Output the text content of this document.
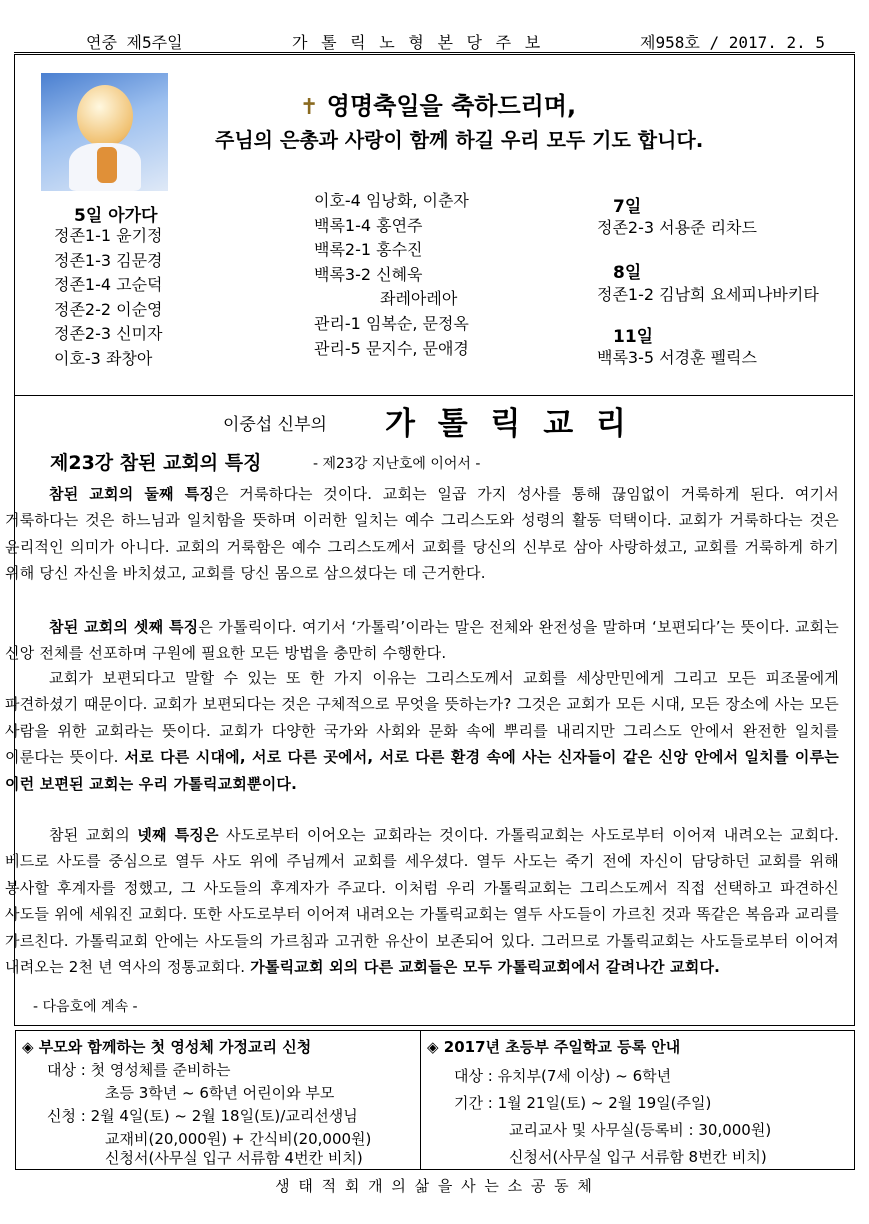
연중 제5주일	가 톨 릭 노 형 본 당 주 보	제958호 / 2017. 2. 5
✝ 영명축일을 축하드리며,
주님의 은총과 사랑이 함께 하길 우리 모두 기도 합니다.
5일 아가다
정존1-1 윤기정
정존1-3 김문경
정존1-4 고순덕
정존2-2 이순영
정존2-3 신미자
이호-3 좌창아
이호-4 임낭화, 이춘자
백록1-4 홍연주
백록2-1 홍수진
백록3-2 신혜욱
좌레아레아
관리-1 임복순, 문정옥
관리-5 문지수, 문애경
7일
정존2-3 서용준 리차드
8일
정존1-2 김남희 요세피나바키타
11일
백록3-5 서경훈 펠릭스
이중섭 신부의 가 톨 릭 교 리
제23강 참된 교회의 특징	- 제23강 지난호에 이어서 -
참된 교회의 둘째 특징은 거룩하다는 것이다. 교회는 일곱 가지 성사를 통해 끊임없이 거룩하게 된다. 여기서 거룩하다는 것은 하느님과 일치함을 뜻하며 이러한 일치는 예수 그리스도와 성령의 활동 덕택이다. 교회가 거룩하다는 것은 윤리적인 의미가 아니다. 교회의 거룩함은 예수 그리스도께서 교회를 당신의 신부로 삼아 사랑하셨고, 교회를 거룩하게 하기 위해 당신 자신을 바치셨고, 교회를 당신 몸으로 삼으셨다는 데 근거한다.
참된 교회의 셋째 특징은 가톨릭이다. 여기서 ‘가톨릭’이라는 말은 전체와 완전성을 말하며 ‘보편되다’는 뜻이다. 교회는 신앙 전체를 선포하며 구원에 필요한 모든 방법을 충만히 수행한다.
교회가 보편되다고 말할 수 있는 또 한 가지 이유는 그리스도께서 교회를 세상만민에게 그리고 모든 피조물에게 파견하셨기 때문이다. 교회가 보편되다는 것은 구체적으로 무엇을 뜻하는가? 그것은 교회가 모든 시대, 모든 장소에 사는 모든 사람을 위한 교회라는 뜻이다. 교회가 다양한 국가와 사회와 문화 속에 뿌리를 내리지만 그리스도 안에서 완전한 일치를 이룬다는 뜻이다. 서로 다른 시대에, 서로 다른 곳에서, 서로 다른 환경 속에 사는 신자들이 같은 신앙 안에서 일치를 이루는 이런 보편된 교회는 우리 가톨릭교회뿐이다.
참된 교회의 넷째 특징은 사도로부터 이어오는 교회라는 것이다. 가톨릭교회는 사도로부터 이어져 내려오는 교회다. 베드로 사도를 중심으로 열두 사도 위에 주님께서 교회를 세우셨다. 열두 사도는 죽기 전에 자신이 담당하던 교회를 위해 봉사할 후계자를 정했고, 그 사도들의 후계자가 주교다. 이처럼 우리 가톨릭교회는 그리스도께서 직접 선택하고 파견하신 사도들 위에 세워진 교회다. 또한 사도로부터 이어져 내려오는 가톨릭교회는 열두 사도들이 가르친 것과 똑같은 복음과 교리를 가르친다. 가톨릭교회 안에는 사도들의 가르침과 고귀한 유산이 보존되어 있다. 그러므로 가톨릭교회는 사도들로부터 이어져 내려오는 2천 년 역사의 정통교회다. 가톨릭교회 외의 다른 교회들은 모두 가톨릭교회에서 갈려나간 교회다.
- 다음호에 계속 -
◈ 부모와 함께하는 첫 영성체 가정교리 신청
대상 : 첫 영성체를 준비하는
초등 3학년 ~ 6학년 어린이와 부모
신청 : 2월 4일(토) ~ 2월 18일(토)/교리선생님
교재비(20,000원) + 간식비(20,000원)
신청서(사무실 입구 서류함 4번칸 비치)
◈ 2017년 초등부 주일학교 등록 안내
대상 : 유치부(7세 이상) ~ 6학년
기간 : 1월 21일(토) ~ 2월 19일(주일)
교리교사 및 사무실(등록비 : 30,000원)
신청서(사무실 입구 서류함 8번칸 비치)
생 태 적 회 개 의 삶 을 사 는 소 공 동 체
